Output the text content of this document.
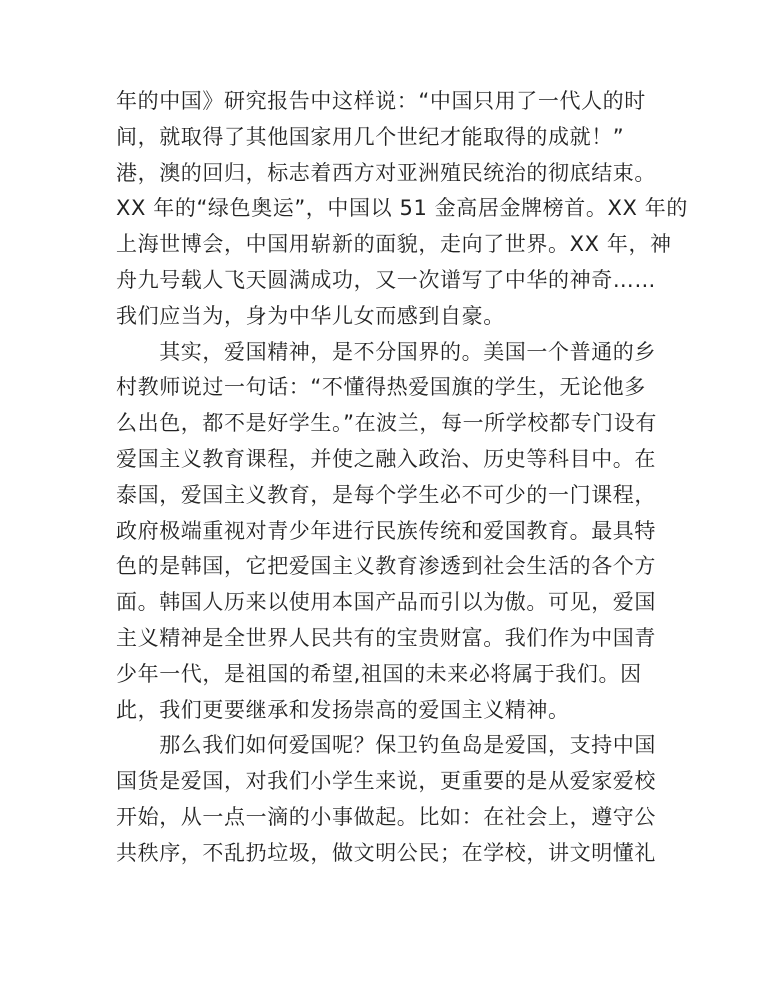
年的中国》研究报告中这样说：“中国只用了一代人的时
间，就取得了其他国家用几个世纪才能取得的成就！”
港，澳的回归，标志着西方对亚洲殖民统治的彻底结束。
XX 年的“绿色奥运”，中国以 51 金高居金牌榜首。XX 年的
上海世博会，中国用崭新的面貌，走向了世界。XX 年，神
舟九号载人飞天圆满成功，又一次谱写了中华的神奇……
我们应当为，身为中华儿女而感到自豪。
　　其实，爱国精神，是不分国界的。美国一个普通的乡
村教师说过一句话：“不懂得热爱国旗的学生，无论他多
么出色，都不是好学生。”在波兰，每一所学校都专门设有
爱国主义教育课程，并使之融入政治、历史等科目中。在
泰国，爱国主义教育，是每个学生必不可少的一门课程，
政府极端重视对青少年进行民族传统和爱国教育。最具特
色的是韩国，它把爱国主义教育渗透到社会生活的各个方
面。韩国人历来以使用本国产品而引以为傲。可见，爱国
主义精神是全世界人民共有的宝贵财富。我们作为中国青
少年一代，是祖国的希望,祖国的未来必将属于我们。因
此，我们更要继承和发扬崇高的爱国主义精神。
　　那么我们如何爱国呢？保卫钓鱼岛是爱国，支持中国
国货是爱国，对我们小学生来说，更重要的是从爱家爱校
开始，从一点一滴的小事做起。比如：在社会上，遵守公
共秩序，不乱扔垃圾，做文明公民；在学校，讲文明懂礼
